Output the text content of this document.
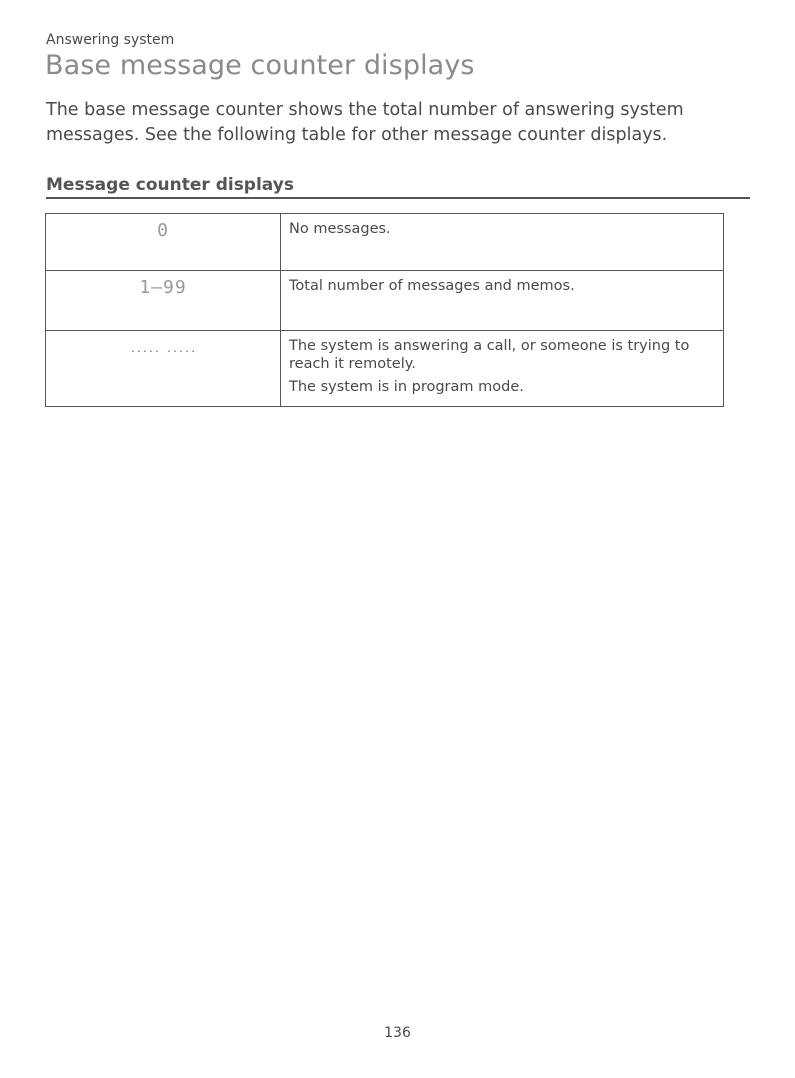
Answering system
Base message counter displays

The base message counter shows the total number of answering system messages. See the following table for other message counter displays.

Message counter displays
0	No messages.

1–99	Total number of messages and memos.

..... .....	The system is answering a call, or someone is trying to reach it remotely.

The system is in program mode.

136
